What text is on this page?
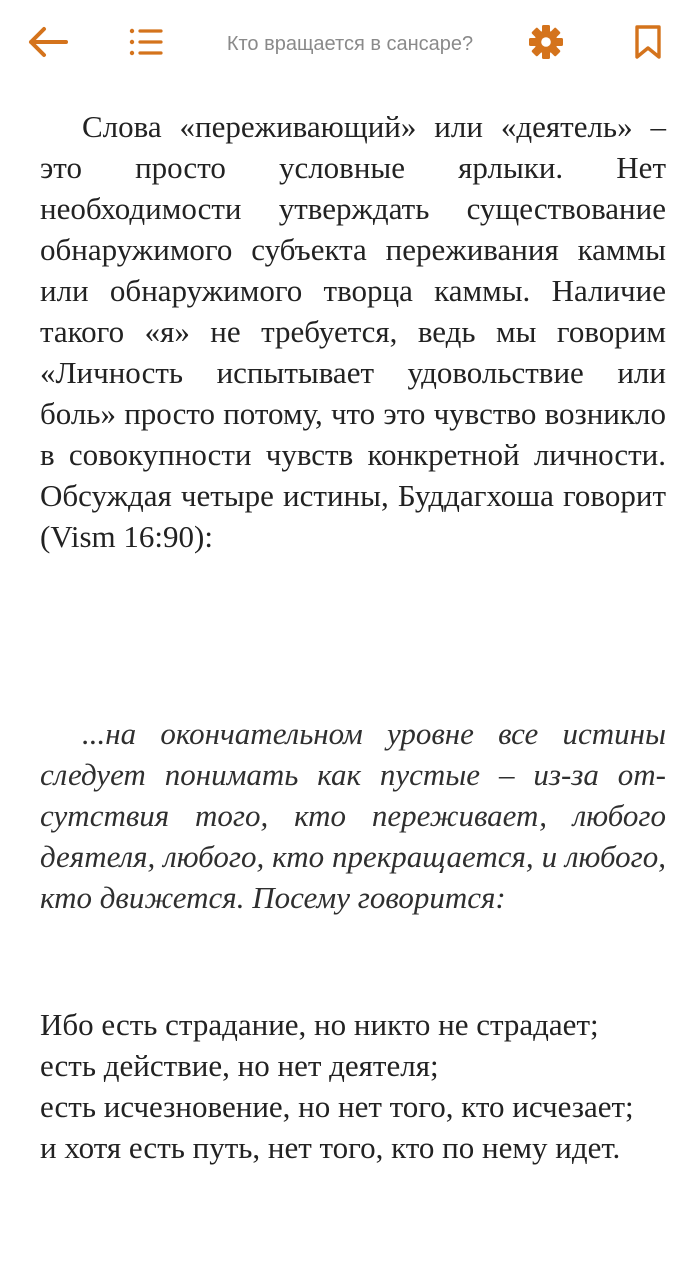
Кто вращается в сансаре?

Слова «переживающий» или «деятель» – это просто условные ярлыки. Нет необходимости утверждать существование обнаружимого субъекта переживания каммы или обнаружимого творца каммы. Наличие такого «я» не требуется, ведь мы говорим «Личность испытывает удовольствие или боль» просто потому, что это чувство возникло в совокупности чувств конкретной личности. Обсуждая четыре истины, Буддагхоша говорит (Vism 16:90):

...на окончательном уровне все истины следует понимать как пустые – из-за отсутствия того, кто переживает, любого деятеля, любого, кто прекращается, и любого, кто движется. Посему говорится:

Ибо есть страдание, но никто не страдает;

есть действие, но нет деятеля;

есть исчезновение, но нет того, кто исчезает;

и хотя есть путь, нет того, кто по нему идет.
